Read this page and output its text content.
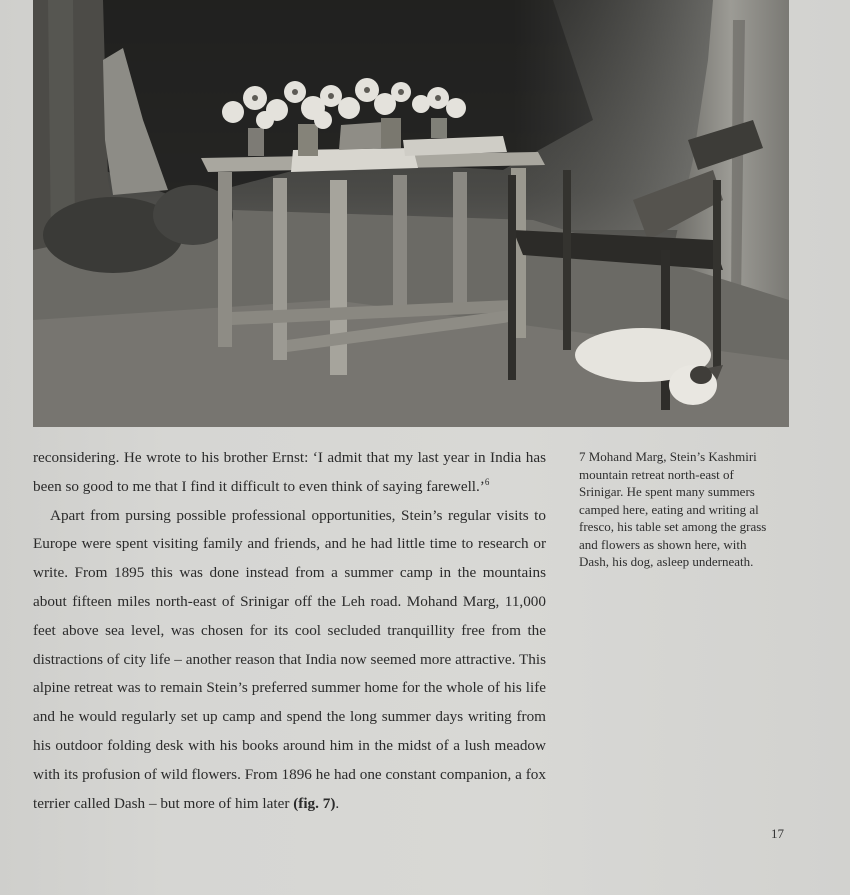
reconsidering. He wrote to his brother Ernst: ‘I admit that my last year in India has been so good to me that I find it difficult to even think of saying farewell.’$^6$

Apart from pursing possible professional opportunities, Stein’s regular visits to Europe were spent visiting family and friends, and he had little time to research or write. From 1895 this was done instead from a summer camp in the mountains about fifteen miles north-east of Srinigar off the Leh road. Mohand Marg, 11,000 feet above sea level, was chosen for its cool secluded tranquillity free from the distractions of city life – another reason that India now seemed more attractive. This alpine retreat was to remain Stein’s preferred summer home for the whole of his life and he would regularly set up camp and spend the long summer days writing from his outdoor folding desk with his books around him in the midst of a lush meadow with its profusion of wild flowers. From 1896 he had one constant companion, a fox terrier called Dash – but more of him later (fig. 7).

7 Mohand Marg, Stein’s Kashmiri mountain retreat north-east of Srinigar. He spent many summers camped here, eating and writing al fresco, his table set among the grass and flowers as shown here, with Dash, his dog, asleep underneath.
17
